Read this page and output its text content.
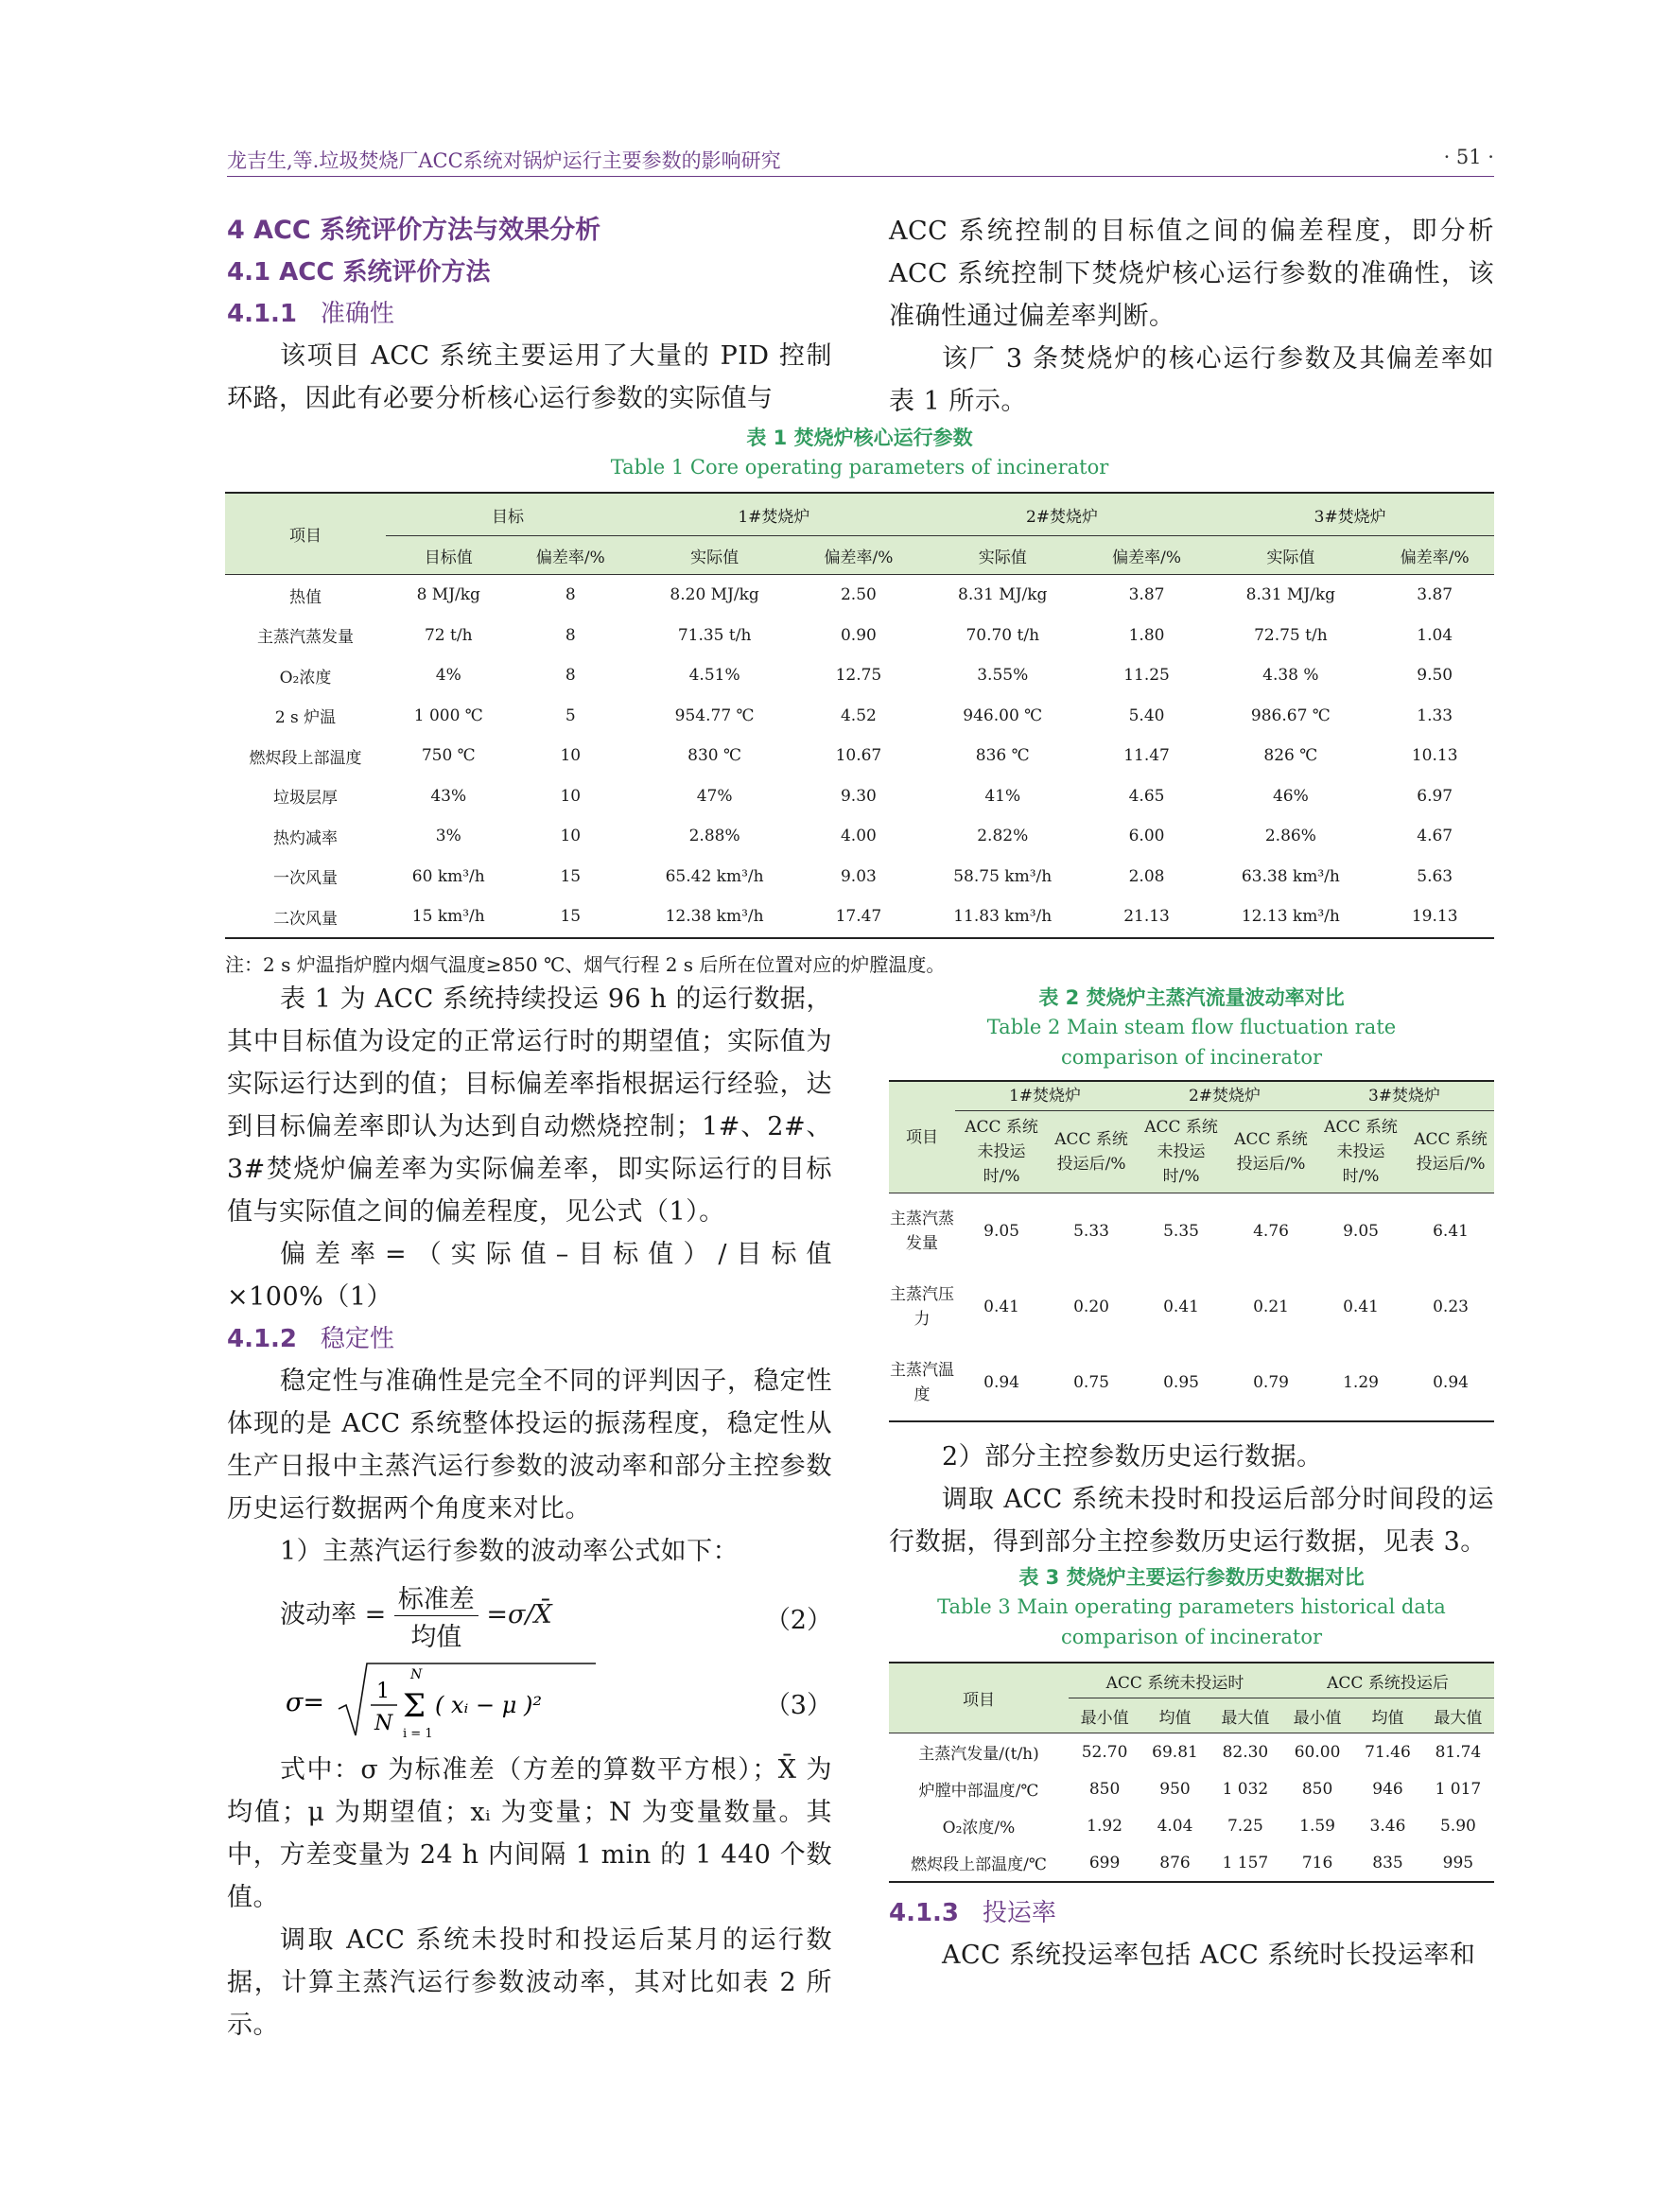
龙吉生,等.垃圾焚烧厂ACC系统对锅炉运行主要参数的影响研究	· 51 ·

4 ACC 系统评价方法与效果分析

4.1 ACC 系统评价方法

4.1.1 准确性

该项目 ACC 系统主要运用了大量的 PID 控制环路，因此有必要分析核心运行参数的实际值与

ACC 系统控制的目标值之间的偏差程度，即分析 ACC 系统控制下焚烧炉核心运行参数的准确性，该准确性通过偏差率判断。

该厂 3 条焚烧炉的核心运行参数及其偏差率如表 1 所示。

表 1 焚烧炉核心运行参数
Table 1 Core operating parameters of incinerator
项目	目标		1#焚烧炉		2#焚烧炉		3#焚烧炉	
	目标值	偏差率/%	实际值	偏差率/%	实际值	偏差率/%	实际值	偏差率/%
热值	8 MJ/kg	8	8.20 MJ/kg	2.50	8.31 MJ/kg	3.87	8.31 MJ/kg	3.87
主蒸汽蒸发量	72 t/h	8	71.35 t/h	0.90	70.70 t/h	1.80	72.75 t/h	1.04
O₂浓度	4%	8	4.51%	12.75	3.55%	11.25	4.38 %	9.50
2 s 炉温	1 000 ℃	5	954.77 ℃	4.52	946.00 ℃	5.40	986.67 ℃	1.33
燃烬段上部温度	750 ℃	10	830 ℃	10.67	836 ℃	11.47	826 ℃	10.13
垃圾层厚	43%	10	47%	9.30	41%	4.65	46%	6.97
热灼减率	3%	10	2.88%	4.00	2.82%	6.00	2.86%	4.67
一次风量	60 km³/h	15	65.42 km³/h	9.03	58.75 km³/h	2.08	63.38 km³/h	5.63
二次风量	15 km³/h	15	12.38 km³/h	17.47	11.83 km³/h	21.13	12.13 km³/h	19.13
注：2 s 炉温指炉膛内烟气温度≥850 ℃、烟气行程 2 s 后所在位置对应的炉膛温度。

表 1 为 ACC 系统持续投运 96 h 的运行数据，其中目标值为设定的正常运行时的期望值；实际值为实际运行达到的值；目标偏差率指根据运行经验，达到目标偏差率即认为达到自动燃烧控制；1#、2#、3#焚烧炉偏差率为实际偏差率，即实际运行的目标值与实际值之间的偏差程度，见公式（1）。

偏差率=（实际值–目标值）/目标值×100%（1）

4.1.2 稳定性

稳定性与准确性是完全不同的评判因子，稳定性体现的是 ACC 系统整体投运的振荡程度，稳定性从生产日报中主蒸汽运行参数的波动率和部分主控参数历史运行数据两个角度来对比。

1）主蒸汽运行参数的波动率公式如下：

波动率 = $\frac{\text{标准差}}{\text{均值}}$ =σ/X̄	（2）
σ= 1
N
N
Σ
i = 1
( xᵢ − μ )²	（3）

式中：σ 为标准差（方差的算数平方根）；X̄ 为均值；μ 为期望值；xᵢ 为变量；N 为变量数量。其中，方差变量为 24 h 内间隔 1 min 的 1 440 个数值。

调取 ACC 系统未投时和投运后某月的运行数据，计算主蒸汽运行参数波动率，其对比如表 2 所示。

表 2 焚烧炉主蒸汽流量波动率对比
Table 2 Main steam flow fluctuation rate
comparison of incinerator
项目	1#焚烧炉		2#焚烧炉		3#焚烧炉	
	ACC 系统未投运时/%	ACC 系统投运后/%	ACC 系统未投运时/%	ACC 系统投运后/%	ACC 系统未投运时/%	ACC 系统投运后/%
主蒸汽蒸发量	9.05	5.33	5.35	4.76	9.05	6.41
主蒸汽压力	0.41	0.20	0.41	0.21	0.41	0.23
主蒸汽温度	0.94	0.75	0.95	0.79	1.29	0.94

2）部分主控参数历史运行数据。

调取 ACC 系统未投时和投运后部分时间段的运行数据，得到部分主控参数历史运行数据，见表 3。

表 3 焚烧炉主要运行参数历史数据对比
Table 3 Main operating parameters historical data
comparison of incinerator
项目	ACC 系统未投运时			ACC 系统投运后		
	最小值	均值	最大值	最小值	均值	最大值
主蒸汽发量/(t/h)	52.70	69.81	82.30	60.00	71.46	81.74
炉膛中部温度/℃	850	950	1 032	850	946	1 017
O₂浓度/%	1.92	4.04	7.25	1.59	3.46	5.90
燃烬段上部温度/℃	699	876	1 157	716	835	995

4.1.3 投运率

ACC 系统投运率包括 ACC 系统时长投运率和
